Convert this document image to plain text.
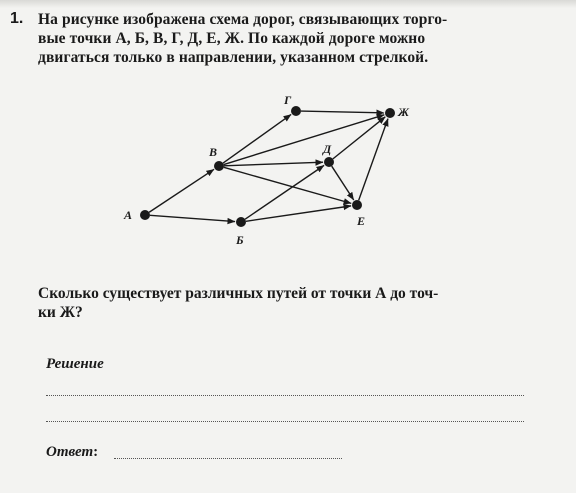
1. На рисунке изображена схема дорог, связывающих торго-
вые точки А, Б, В, Г, Д, Е, Ж. По каждой дороге можно
двигаться только в направлении, указанном стрелкой.
А
Б
В
Г
Д
Е
Ж
Сколько существует различных путей от точки А до точ-
ки Ж?
Решение
Ответ:
